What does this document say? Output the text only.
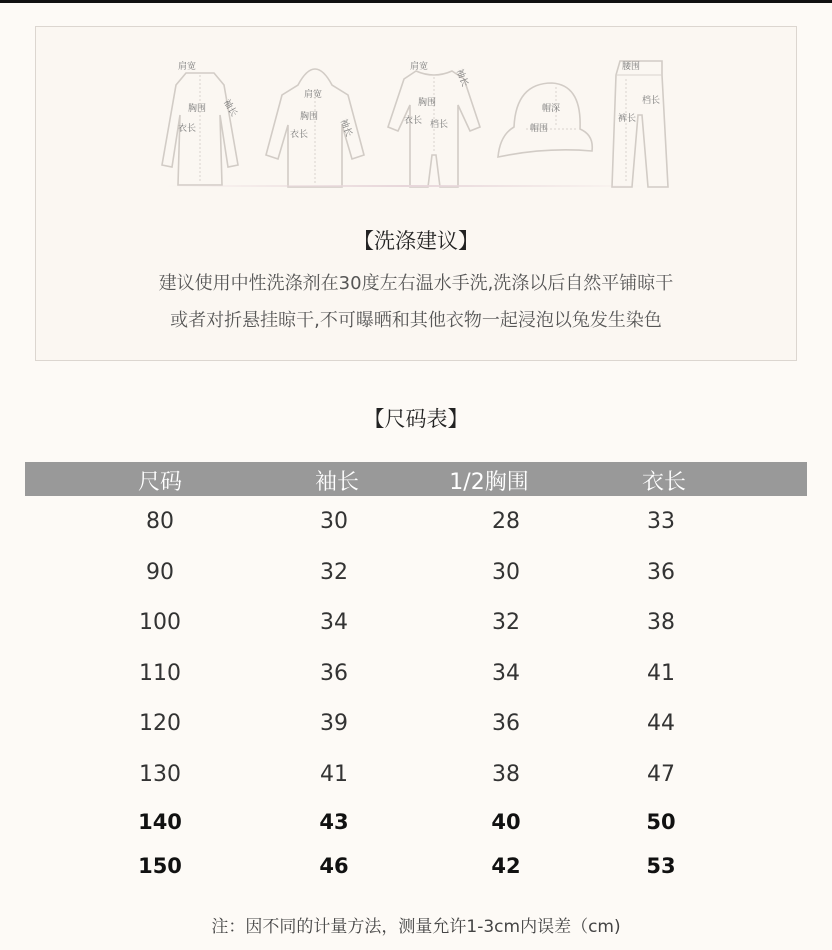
肩宽
胸围
衣长
袖长
肩宽
胸围
衣长	袖长
肩宽
胸围
衣长 档长
袖长
帽深
帽围
腰围
档长
裤长
【洗涤建议】
建议使用中性洗涤剂在30度左右温水手洗,洗涤以后自然平铺晾干
或者对折悬挂晾干,不可曝晒和其他衣物一起浸泡以兔发生染色
【尺码表】
尺码	袖长	1/2胸围	衣长
80	30	28	33
90	32	30	36
100	34	32	38
110	36	34	41
120	39	36	44
130	41	38	47
140	43	40	50
150	46	42	53
注：因不同的计量方法，测量允许1-3cm内误差（cm)
